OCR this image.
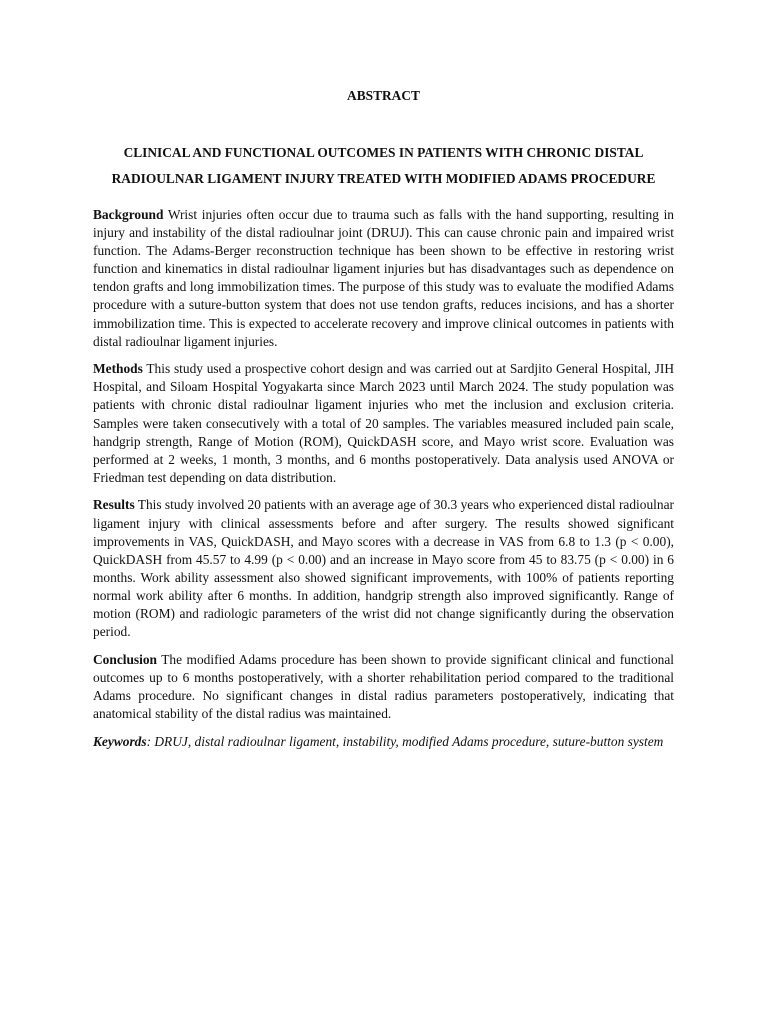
ABSTRACT
CLINICAL AND FUNCTIONAL OUTCOMES IN PATIENTS WITH CHRONIC DISTAL RADIOULNAR LIGAMENT INJURY TREATED WITH MODIFIED ADAMS PROCEDURE

Background Wrist injuries often occur due to trauma such as falls with the hand supporting, resulting in injury and instability of the distal radioulnar joint (DRUJ). This can cause chronic pain and impaired wrist function. The Adams-Berger reconstruction technique has been shown to be effective in restoring wrist function and kinematics in distal radioulnar ligament injuries but has disadvantages such as dependence on tendon grafts and long immobilization times. The purpose of this study was to evaluate the modified Adams procedure with a suture-button system that does not use tendon grafts, reduces incisions, and has a shorter immobilization time. This is expected to accelerate recovery and improve clinical outcomes in patients with distal radioulnar ligament injuries.

Methods This study used a prospective cohort design and was carried out at Sardjito General Hospital, JIH Hospital, and Siloam Hospital Yogyakarta since March 2023 until March 2024. The study population was patients with chronic distal radioulnar ligament injuries who met the inclusion and exclusion criteria. Samples were taken consecutively with a total of 20 samples. The variables measured included pain scale, handgrip strength, Range of Motion (ROM), QuickDASH score, and Mayo wrist score. Evaluation was performed at 2 weeks, 1 month, 3 months, and 6 months postoperatively. Data analysis used ANOVA or Friedman test depending on data distribution.

Results This study involved 20 patients with an average age of 30.3 years who experienced distal radioulnar ligament injury with clinical assessments before and after surgery. The results showed significant improvements in VAS, QuickDASH, and Mayo scores with a decrease in VAS from 6.8 to 1.3 (p < 0.00), QuickDASH from 45.57 to 4.99 (p < 0.00) and an increase in Mayo score from 45 to 83.75 (p < 0.00) in 6 months. Work ability assessment also showed significant improvements, with 100% of patients reporting normal work ability after 6 months. In addition, handgrip strength also improved significantly. Range of motion (ROM) and radiologic parameters of the wrist did not change significantly during the observation period.

Conclusion The modified Adams procedure has been shown to provide significant clinical and functional outcomes up to 6 months postoperatively, with a shorter rehabilitation period compared to the traditional Adams procedure. No significant changes in distal radius parameters postoperatively, indicating that anatomical stability of the distal radius was maintained.

Keywords: DRUJ, distal radioulnar ligament, instability, modified Adams procedure, suture-button system
